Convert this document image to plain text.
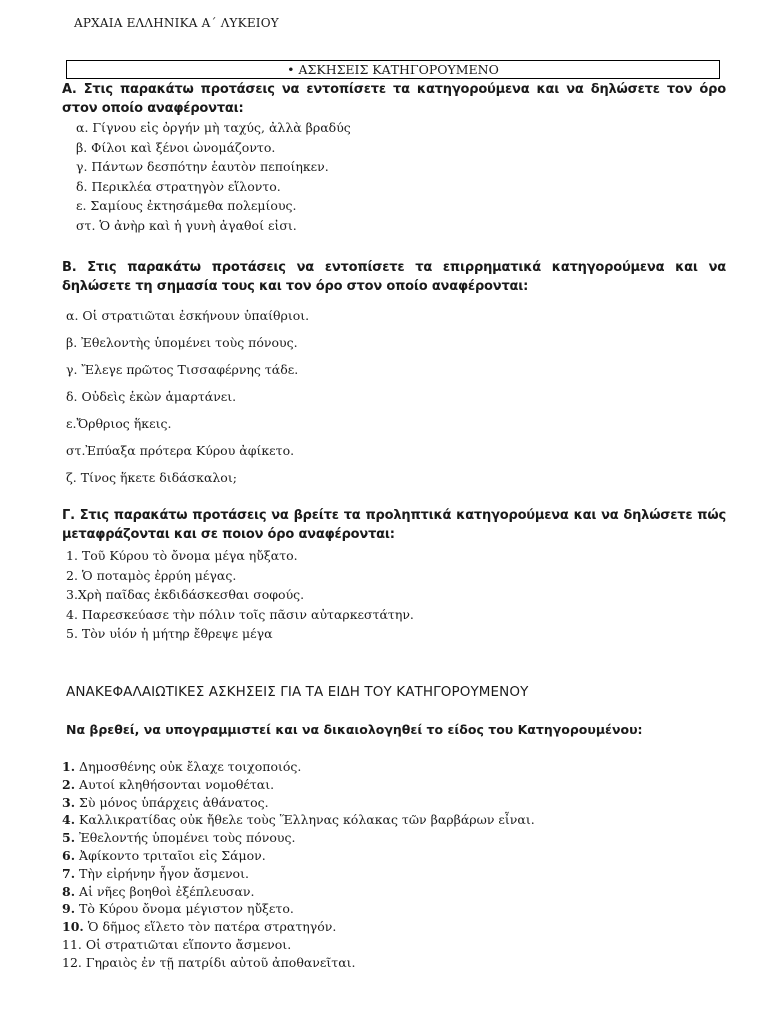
ΑΡΧΑΙΑ ΕΛΛΗΝΙΚΑ Α΄ ΛΥΚΕΙΟΥ
• ΑΣΚΗΣΕΙΣ ΚΑΤΗΓΟΡΟΥΜΕΝΟ
Α. Στις παρακάτω προτάσεις να εντοπίσετε τα κατηγορούμενα και να δηλώσετε τον όρο στον οποίο αναφέρονται:
α. Γίγνου εἰς ὀργήν μὴ ταχύς, ἀλλὰ βραδύς
β. Φίλοι καὶ ξένοι ὠνομάζοντο.
γ. Πάντων δεσπότην ἑαυτὸν πεποίηκεν.
δ. Περικλέα στρατηγὸν εἵλοντο.
ε. Σαμίους ἐκτησάμεθα πολεμίους.
στ. Ὁ ἀνὴρ καὶ ἡ γυνὴ ἀγαθοί εἰσι.
Β. Στις παρακάτω προτάσεις να εντοπίσετε τα επιρρηματικά κατηγορούμενα και να δηλώσετε τη σημασία τους και τον όρο στον οποίο αναφέρονται:
α. Οἱ στρατιῶται ἐσκήνουν ὑπαίθριοι.
β. Ἐθελοντὴς ὑπομένει τοὺς πόνους.
γ. Ἔλεγε πρῶτος Τισσαφέρνης τάδε.
δ. Οὐδεὶς ἑκὼν ἁμαρτάνει.
ε.Ὄρθριος ἥκεις.
στ.Ἐπύαξα πρότερα Κύρου ἀφίκετο.
ζ. Τίνος ἥκετε διδάσκαλοι;
Γ. Στις παρακάτω προτάσεις να βρείτε τα προληπτικά κατηγορούμενα και να δηλώσετε πώς μεταφράζονται και σε ποιον όρο αναφέρονται:
1. Τοῦ Κύρου τὸ ὄνομα μέγα ηὔξατο.
2. Ὁ ποταμὸς ἐρρύη μέγας.
3.Χρὴ παῖδας ἐκδιδάσκεσθαι σοφούς.
4. Παρεσκεύασε τὴν πόλιν τοῖς πᾶσιν αὐταρκεστάτην.
5. Τὸν υἱόν ἡ μήτηρ ἔθρεψε μέγα
ΑΝΑΚΕΦΑΛΑΙΩΤΙΚΕΣ ΑΣΚΗΣΕΙΣ ΓΙΑ ΤΑ ΕΙΔΗ ΤΟΥ ΚΑΤΗΓΟΡΟΥΜΕΝΟΥ
Να βρεθεί, να υπογραμμιστεί και να δικαιολογηθεί το είδος του Κατηγορουμένου:
1. Δημοσθένης οὐκ ἔλαχε τοιχοποιός.
2. Αυτοί κληθήσονται νομοθέται.
3. Σὺ μόνος ὑπάρχεις ἀθάνατος.
4. Καλλικρατίδας οὐκ ἤθελε τοὺς Ἕλληνας κόλακας τῶν βαρβάρων εἶναι.
5. Ἐθελοντής ὑπομένει τοὺς πόνους.
6. Ἀφίκοντο τριταῖοι εἰς Σάμον.
7. Τὴν εἰρήνην ἦγον ἄσμενοι.
8. Αἱ νῆες βοηθοὶ ἐξέπλευσαν.
9. Τὸ Κύρου ὄνομα μέγιστον ηὔξετο.
10. Ὁ δῆμος εἵλετο τὸν πατέρα στρατηγόν.
11. Οἱ στρατιῶται εἵποντο ἄσμενοι.
12. Γηραιὸς ἐν τῇ πατρίδι αὐτοῦ ἀποθανεῖται.
